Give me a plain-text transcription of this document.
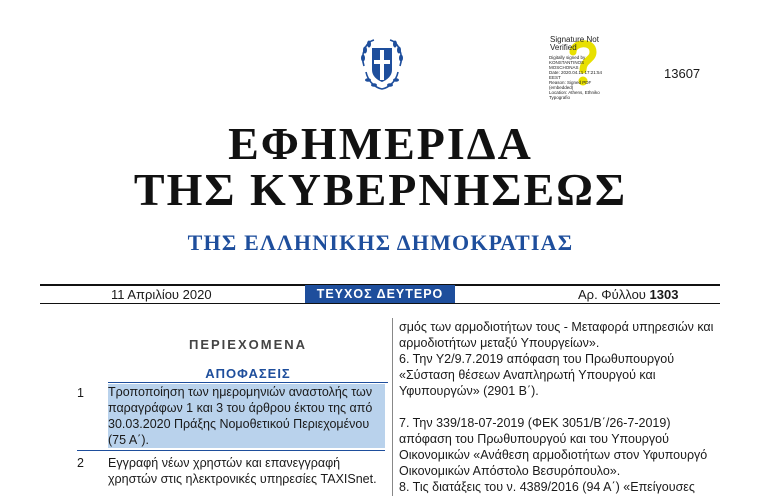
Signature Not Verified
Digitally signed by
KONSTANTINOS
MOSCHONAS
Date: 2020.04.11 17:21:54
EEST
Reason: Signed PDF
(embedded)
Location: Athens, Ethniko
Typografio
13607
ΕΦΗΜΕΡΙΔΑ
ΤΗΣ ΚΥΒΕΡΝΗΣΕΩΣ
ΤΗΣ ΕΛΛΗΝΙΚΗΣ ΔΗΜΟΚΡΑΤΙΑΣ
11 Απριλίου 2020	ΤΕΥΧΟΣ ΔΕΥΤΕΡΟ	Αρ. Φύλλου 1303
ΠΕΡΙΕΧΟΜΕΝΑ
ΑΠΟΦΑΣΕΙΣ
1 Τροποποίηση των ημερομηνιών αναστολής των παραγράφων 1 και 3 του άρθρου έκτου της από 30.03.2020 Πράξης Νομοθετικού Περιεχομένου (75 Α΄).
2 Εγγραφή νέων χρηστών και επανεγγραφή χρηστών στις ηλεκτρονικές υπηρεσίες TAXISnet.
σμός των αρμοδιοτήτων τους - Μεταφορά υπηρεσιών και αρμοδιοτήτων μεταξύ Υπουργείων».
6. Την Υ2/9.7.2019 απόφαση του Πρωθυπουργού «Σύσταση θέσεων Αναπληρωτή Υπουργού και Υφυπουργών» (2901 Β΄).
7. Την 339/18-07-2019 (ΦΕΚ 3051/Β΄/26-7-2019) απόφαση του Πρωθυπουργού και του Υπουργού Οικονομικών «Ανάθεση αρμοδιοτήτων στον Υφυπουργό Οικονομικών Απόστολο Βεσυρόπουλο».
8. Τις διατάξεις του ν. 4389/2016 (94 Α΄) «Επείγουσες
